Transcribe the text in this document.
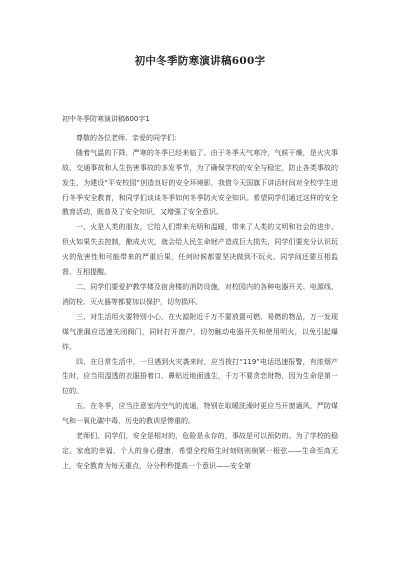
初中冬季防寒演讲稿600字

初中冬季防寒演讲稿600字1

尊敬的各位老师、亲爱的同学们:

随着气温的下降，严寒的冬季已经来临了。由于冬季天气寒冷，气候干燥，是火灾事故、交通事故和人生伤害事故的多发季节，为了确保学校的安全与稳定，防止各类事故的发生，为建设“平安校园”创造良好的安全环境影，我借今天国旗下讲话时间对全校学生进行冬季安全教育，和同学们谈谈冬季如何冬季防火安全知识。希望同学们通过这样的安全教育活动，既普及了安全知识，又增强了安全意识。

一、火是人类的朋友，它给人们带来光明和温暖，带来了人类的文明和社会的进步。但火如果失去控制，酿成火灾，就会给人民生命财产造成巨大损失，同学们要充分认识玩火的危害性和可能带来的严重后果，任何时候都要坚决做到不玩火。同学间还要互相监督、互相提醒。

二、同学们要爱护教学楼及宿舍楼的消防设施，对校园内的各种电器开关、电源线、消防栓、灭火器等都要加以保护，切勿损坏。

三、对生活用火要特别小心，在火源附近千万不要放置可燃、易燃的物品，万一发现煤气泄漏应迅速关闭阀门，同时打开窗户，切勿触动电器开关和使用明火，以免引起爆炸。

四、在日常生活中，一旦遇到火灾袭来时，应当拨打“119”电话迅速报警，有浓烟产生时，应当用湿透的衣服捂着口、鼻贴近地面逃生，千万不要贪恋财物，因为生命是第一位的。

五、在冬季，应当注意室内空气的流通，特别在取暖洗澡时更应当开窗通风，严防煤气和一氧化碳中毒，历史的教训是惨重的。

老师们、同学们，安全是相对的，危险是永存的，事故是可以预防的。为了学校的稳定、家庭的幸福、个人的身心健康，希望全校师生时刻则则崩紧一根弦——生命至高无上，安全教育为每天重点，分分秒秒提高一个意识——安全第
